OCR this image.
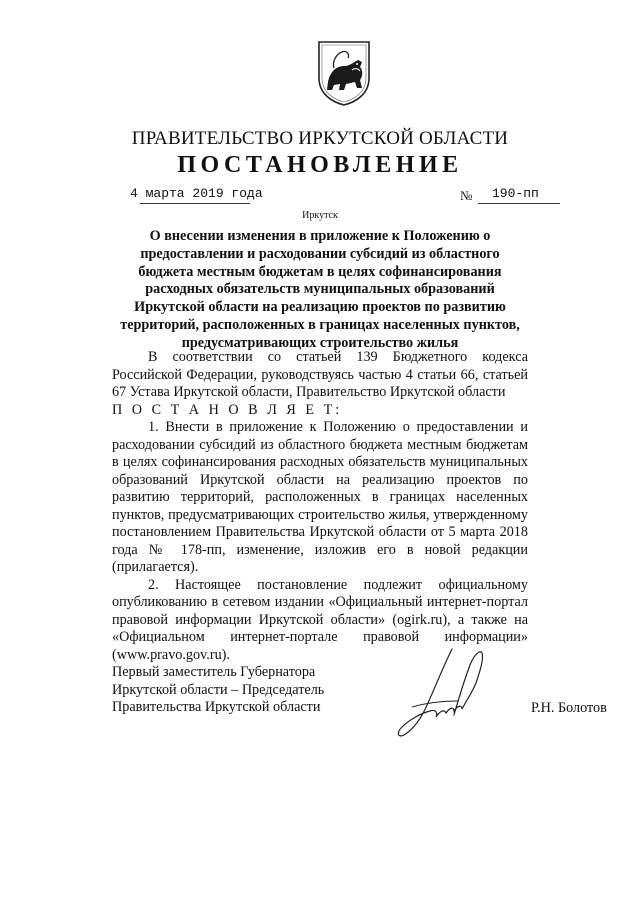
ПРАВИТЕЛЬСТВО ИРКУТСКОЙ ОБЛАСТИ
ПОСТАНОВЛЕНИЕ
4 марта 2019 года	№ 190-пп
Иркутск
О внесении изменения в приложение к Положению о предоставлении и расходовании субсидий из областного бюджета местным бюджетам в целях софинансирования расходных обязательств муниципальных образований Иркутской области на реализацию проектов по развитию территорий, расположенных в границах населенных пунктов, предусматривающих строительство жилья

В соответствии со статьей 139 Бюджетного кодекса Российской Федерации, руководствуясь частью 4 статьи 66, статьей 67 Устава Иркутской области, Правительство Иркутской области

П О С Т А Н О В Л Я Е Т:

1. Внести в приложение к Положению о предоставлении и расходовании субсидий из областного бюджета местным бюджетам в целях софинансирования расходных обязательств муниципальных образований Иркутской области на реализацию проектов по развитию территорий, расположенных в границах населенных пунктов, предусматривающих строительство жилья, утвержденному постановлением Правительства Иркутской области от 5 марта 2018 года № 178-пп, изменение, изложив его в новой редакции (прилагается).

2. Настоящее постановление подлежит официальному опубликованию в сетевом издании «Официальный интернет-портал правовой информации Иркутской области» (ogirk.ru), а также на «Официальном интернет-портале правовой информации» (www.pravo.gov.ru).

Первый заместитель Губернатора
Иркутской области – Председатель
Правительства Иркутской области	Р.Н. Болотов
